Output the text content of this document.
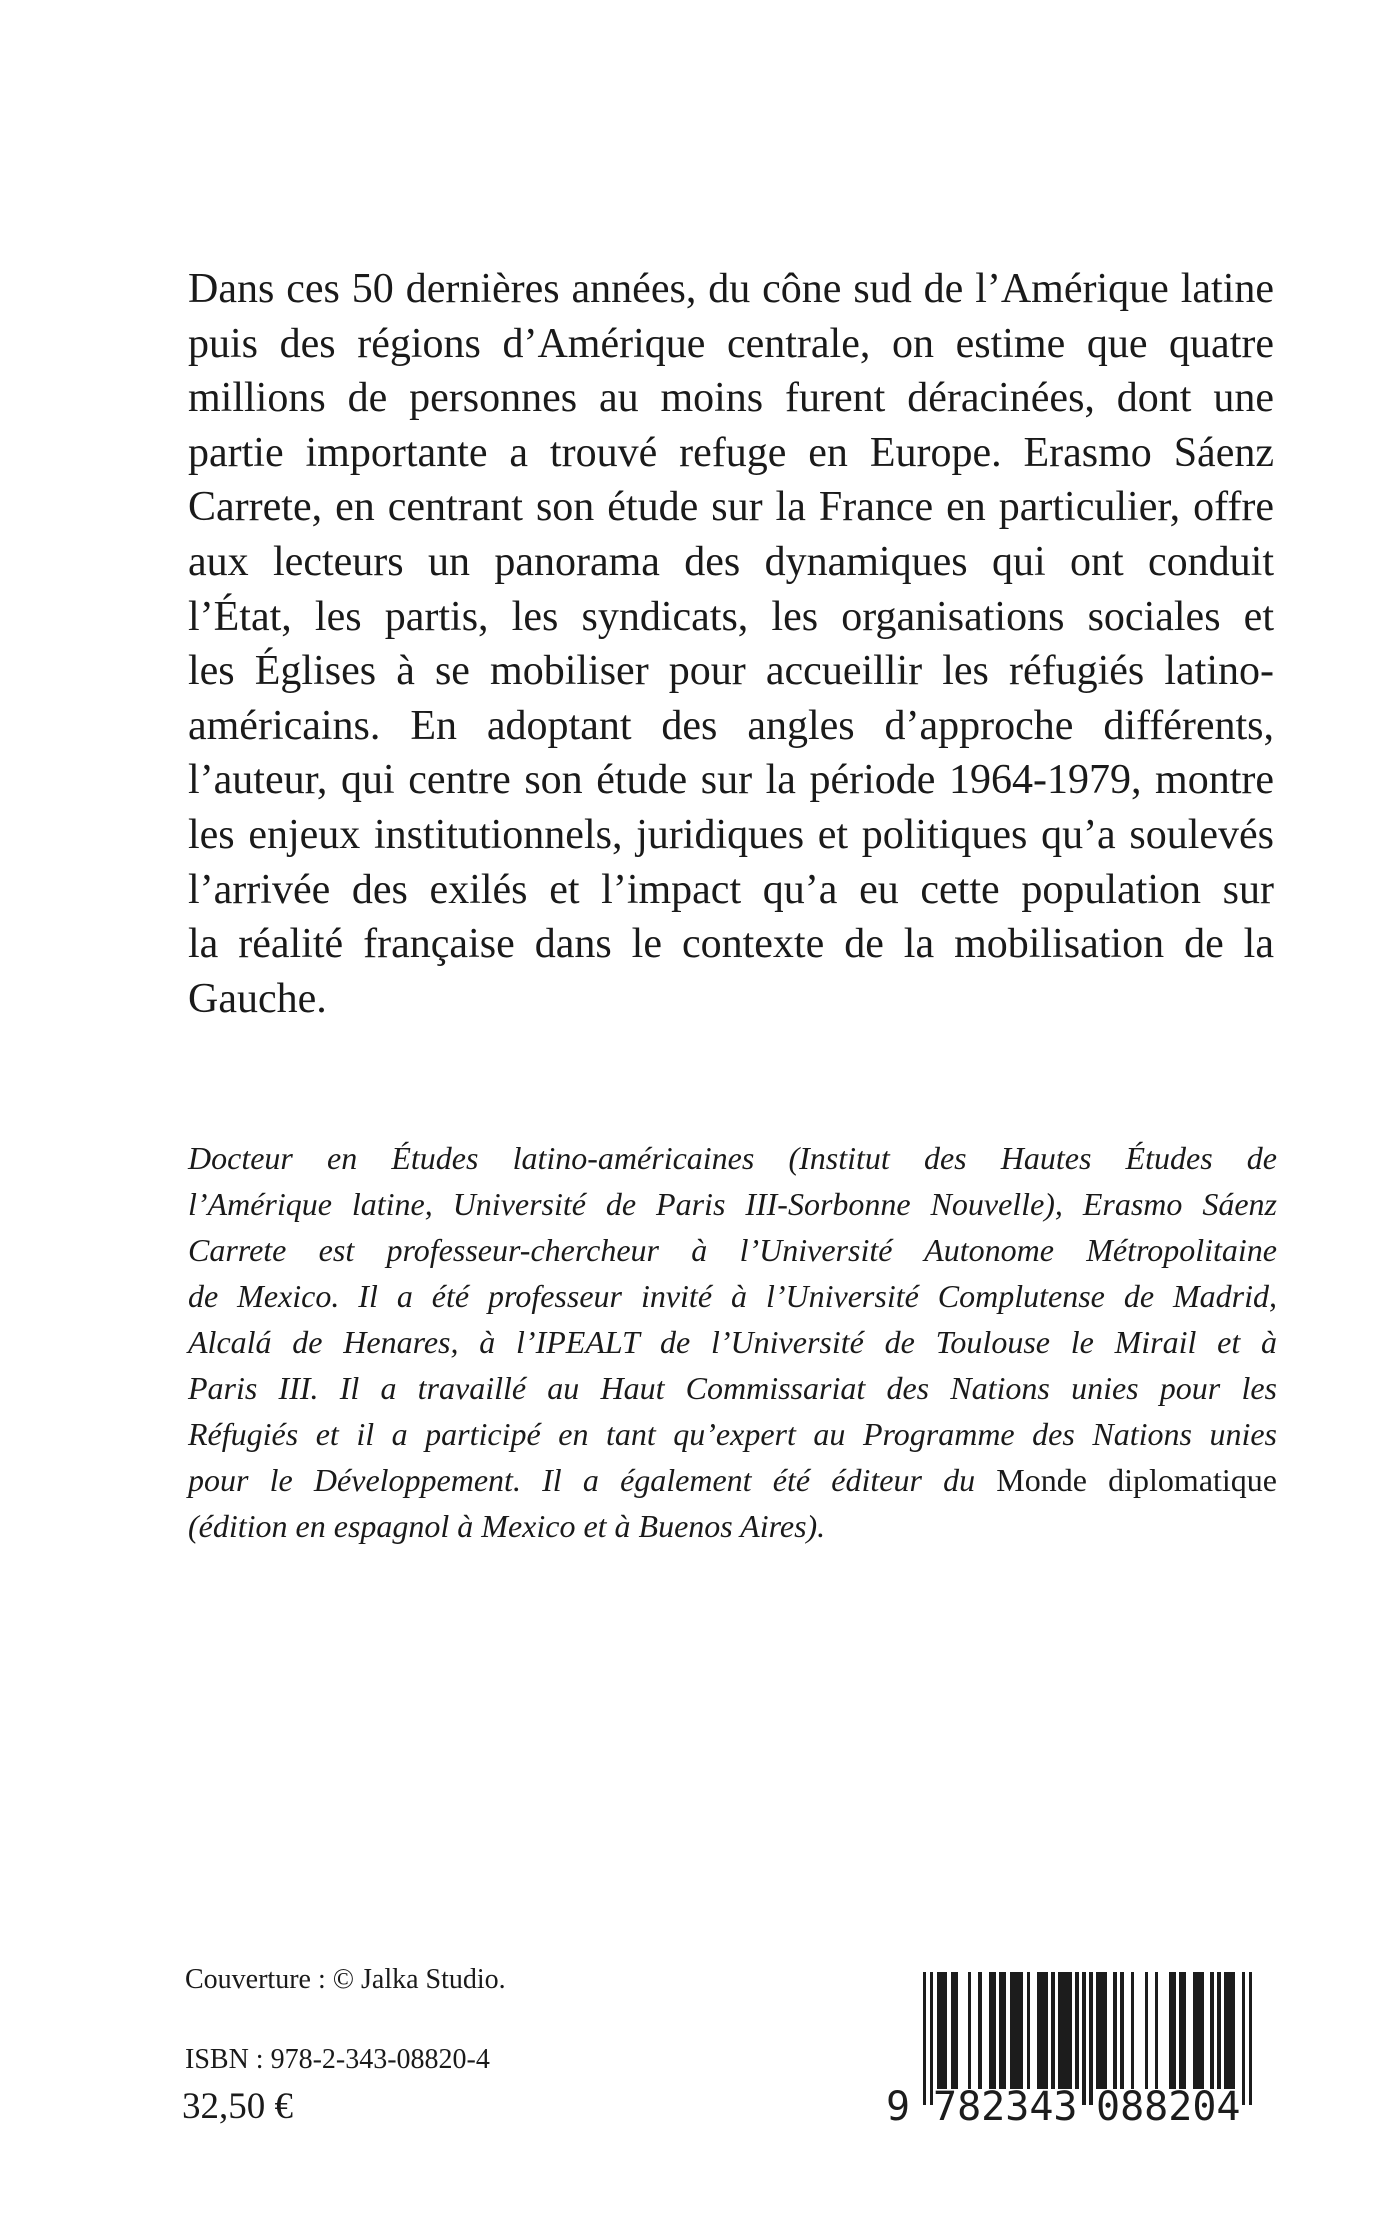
Dans ces 50 dernières années, du cône sud de l’Amérique latine
puis des régions d’Amérique centrale, on estime que quatre
millions de personnes au moins furent déracinées, dont une
partie importante a trouvé refuge en Europe. Erasmo Sáenz
Carrete, en centrant son étude sur la France en particulier, offre
aux lecteurs un panorama des dynamiques qui ont conduit
l’État, les partis, les syndicats, les organisations sociales et
les Églises à se mobiliser pour accueillir les réfugiés latino-
américains. En adoptant des angles d’approche différents,
l’auteur, qui centre son étude sur la période 1964-1979, montre
les enjeux institutionnels, juridiques et politiques qu’a soulevés
l’arrivée des exilés et l’impact qu’a eu cette population sur
la réalité française dans le contexte de la mobilisation de la
Gauche.
Docteur en Études latino-américaines (Institut des Hautes Études de
l’Amérique latine, Université de Paris III-Sorbonne Nouvelle), Erasmo Sáenz
Carrete est professeur-chercheur à l’Université Autonome Métropolitaine
de Mexico. Il a été professeur invité à l’Université Complutense de Madrid,
Alcalá de Henares, à l’IPEALT de l’Université de Toulouse le Mirail et à
Paris III. Il a travaillé au Haut Commissariat des Nations unies pour les
Réfugiés et il a participé en tant qu’expert au Programme des Nations unies
pour le Développement. Il a également été éditeur du Monde diplomatique
(édition en espagnol à Mexico et à Buenos Aires).
Couverture : © Jalka Studio.
ISBN : 978-2-343-08820-4
32,50 €	9 782343 088204
